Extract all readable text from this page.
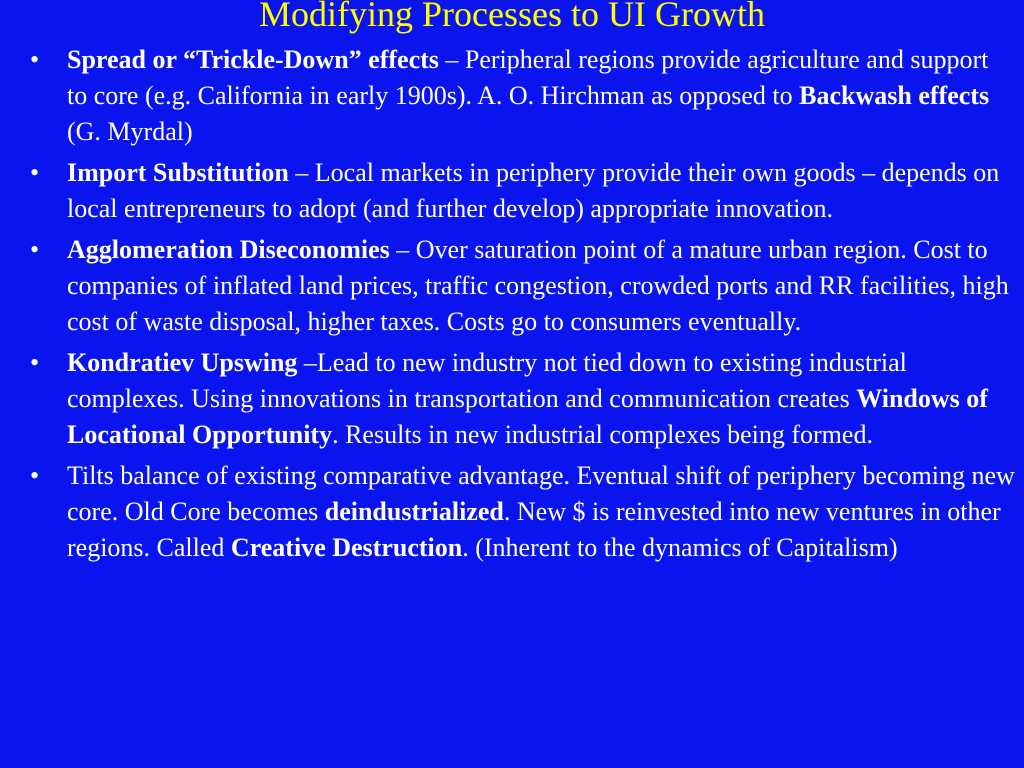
Modifying Processes to UI Growth
•	Spread or “Trickle-Down” effects – Peripheral regions provide agriculture and support to core (e.g. California in early 1900s). A. O. Hirchman as opposed to Backwash effects (G. Myrdal)
•	Import Substitution – Local markets in periphery provide their own goods – depends on local entrepreneurs to adopt (and further develop) appropriate innovation.
•	Agglomeration Diseconomies – Over saturation point of a mature urban region. Cost to companies of inflated land prices, traffic congestion, crowded ports and RR facilities, high cost of waste disposal, higher taxes. Costs go to consumers eventually.
•	Kondratiev Upswing –Lead to new industry not tied down to existing industrial complexes. Using innovations in transportation and communication creates Windows of Locational Opportunity. Results in new industrial complexes being formed.
•	Tilts balance of existing comparative advantage. Eventual shift of periphery becoming new core. Old Core becomes deindustrialized. New $ is reinvested into new ventures in other regions. Called Creative Destruction. (Inherent to the dynamics of Capitalism)
